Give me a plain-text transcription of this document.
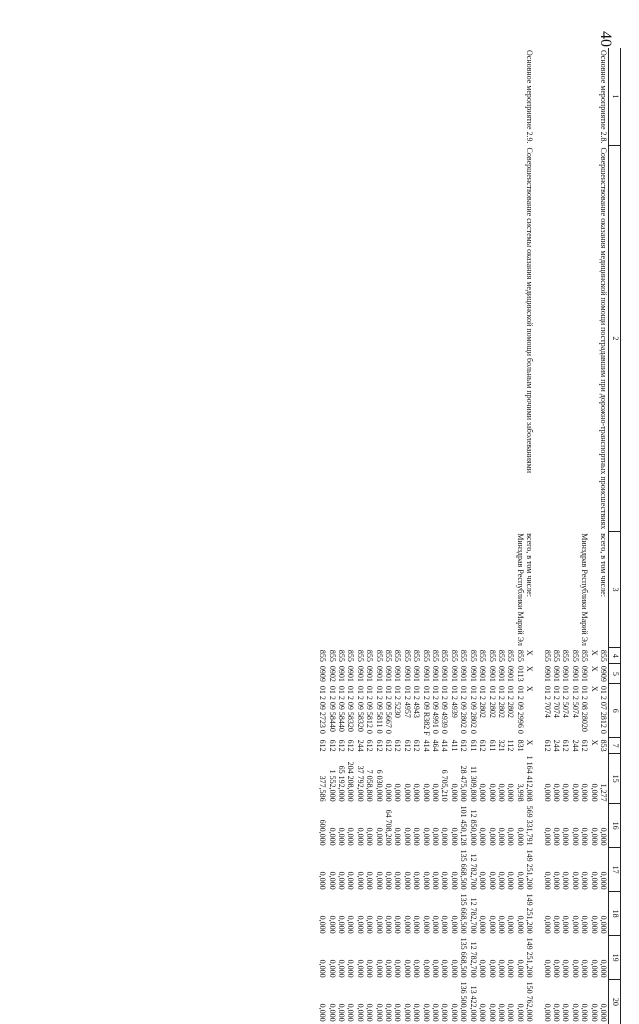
40
1	2	3	4	5	6	7	15	16	17	18	19	20
Основное мероприятие 2.8.	Совершенствование оказания медицинской помощи пострадавшим при дорожно-транспортных происшествиях	всего, в том числе:	855	0909	01 2 07 2812 0	853	1,277	0,000	0,000	0,000	0,000	0,000
			X	X	X	X	0,000	0,000	0,000	0,000	0,000	0,000
		Минздрав Республики Марий Эл	855	0901	01 2 08 28020	612	0,000	0,000	0,000	0,000	0,000	0,000
			855	0901	01 2 5074	244	0,000	0,000	0,000	0,000	0,000	0,000
			855	0901	01 2 5074	612	0,000	0,000	0,000	0,000	0,000	0,000
			855	0901	01 2 7074	244	0,000	0,000	0,000	0,000	0,000	0,000
			855	0901	01 2 7074	612	0,000	0,000	0,000	0,000	0,000	0,000

Основное мероприятие 2.9.	Совершенствование системы оказания медицинской помощи больным прочими заболеваниями	всего, в том числе:	X	X	X	X	1 164 412,008	569 331,791	149 251,200	149 251,200	149 251,200	150 762,000
		Минздрав Республики Марий Эл	855	0113	01 2 09 2996 0	831	3,998	0,000	0,000	0,000	0,000	0,000
			855	0901	01 2 2802	112	0,000	0,000	0,000	0,000	0,000	0,000
			855	0901	01 2 2802	321	0,000	0,000	0,000	0,000	0,000	0,000
			855	0901	01 2 2802	611	0,000	0,000	0,000	0,000	0,000	0,000
			855	0901	01 2 2802	612	0,000	0,000	0,000	0,000	0,000	0,000
			855	0901	01 2 09 2802 0	611	11 309,800	12 850,000	12 782,700	12 782,700	12 782,700	13 422,000
			855	0901	01 2 09 2802 0	612	28 475,000	101 450,128	135 668,500	135 668,500	135 668,500	136 500,000
			855	0901	01 2 4939	411	0,000	0,000	0,000	0,000	0,000	0,000
			855	0901	01 2 09 4939 0	414	6 705,210	0,000	0,000	0,000	0,000	0,000
			855	0901	01 2 09 4991 0	464	0,000	0,000	0,000	0,000	0,000	0,000
			855	0901	01 2 09 R382 F	414	0,000	0,000	0,000	0,000	0,000	0,000
			855	0901	01 2 4943	612	0,000	0,000	0,000	0,000	0,000	0,000
			855	0901	01 2 4957	612	0,000	0,000	0,000	0,000	0,000	0,000
			855	0901	01 2 5230	612	0,000	0,000	0,000	0,000	0,000	0,000
			855	0901	01 2 09 5667 0	612	0,000	64 708,200	0,000	0,000	0,000	0,000
			855	0901	01 2 09 5811 0	612	6 030,000	0,000	0,000	0,000	0,000	0,000
			855	0901	01 2 09 5812 0	612	7 058,800	0,000	0,000	0,000	0,000	0,000
			855	0901	01 2 09 58320	244	37 792,000	0,000	0,000	0,000	0,000	0,000
			855	0901	01 2 09 58320	612	204 208,000	0,000	0,000	0,000	0,000	0,000
			855	0901	01 2 09 58440	612	65 192,000	0,000	0,000	0,000	0,000	0,000
			855	0902	01 2 09 58440	612	1 552,000	0,000	0,000	0,000	0,000	0,000
			855	0909	01 2 09 2723 0	612	377,586	600,000	0,000	0,000	0,000	0,000
